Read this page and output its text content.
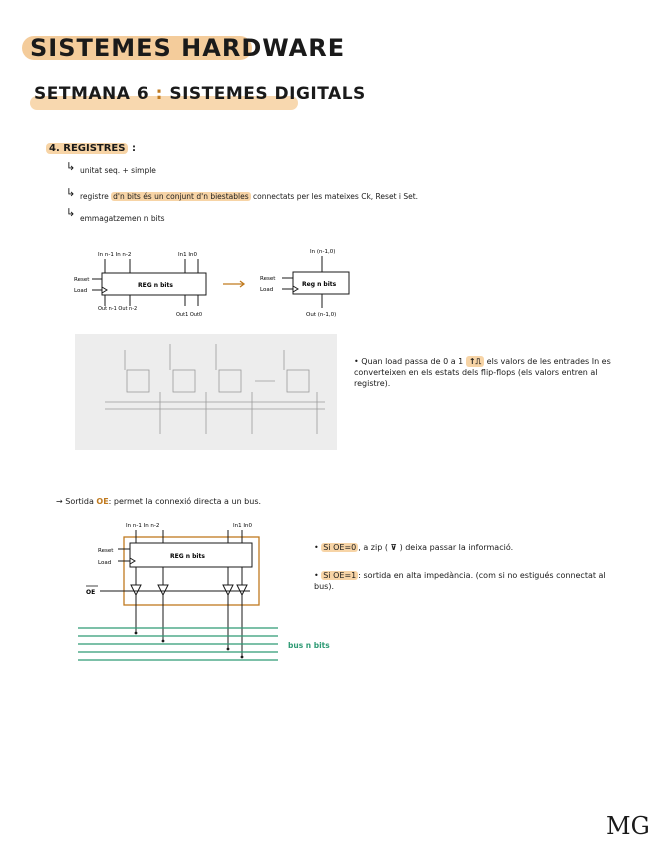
SISTEMES HARDWARE
SETMANA 6 : SISTEMES DIGITALS
4. REGISTRES :
↳ unitat seq. + simple
↳ registre d'n bits és un conjunt d'n biestables connectats per les mateixes Ck, Reset i Set.
↳ emmagatzemen n bits
In n-1 In n-2	In1 In0
REG n bits
Reset
Load
Out n-1 Out n-2
Out1 Out0
In (n-1,0)
Reg n bits
Reset
Load
Out (n-1,0)
• Quan load passa de 0 a 1 ↑⎍ els valors de les entrades In es converteixen en els estats dels flip-flops (els valors entren al registre).
→ Sortida OE: permet la connexió directa a un bus.
In n-1 In n-2	In1 In0
REG n bits
Reset
Load
OE
bus n bits
• Si OE=0 , a zip ( ⊽ ) deixa passar la informació.
• Si OE=1 : sortida en alta impedància. (com si no estigués connectat al bus).
MG
